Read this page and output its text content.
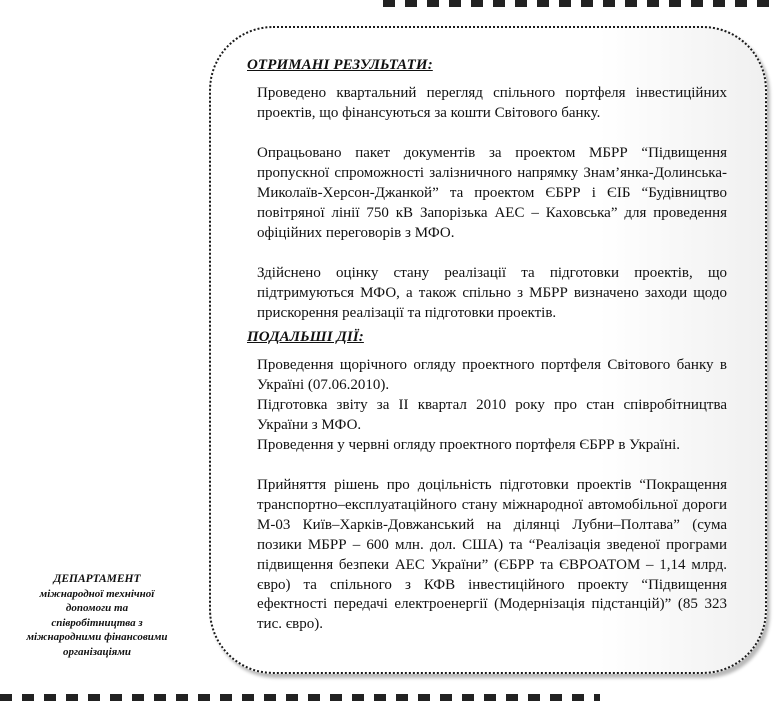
ОТРИМАНІ РЕЗУЛЬТАТИ:

Проведено квартальний перегляд спільного портфеля інвестиційних проектів, що фінансуються за кошти Світового банку.

Опрацьовано пакет документів за проектом МБРР “Підвищення пропускної спроможності залізничного напрямку Знам’янка-Долинська-Миколаїв-Херсон-Джанкой” та проектом ЄБРР і ЄІБ “Будівництво повітряної лінії 750 кВ Запорізька АЕС – Каховська” для проведення офіційних переговорів з МФО.

Здійснено оцінку стану реалізації та підготовки проектів, що підтримуються МФО, а також спільно з МБРР визначено заходи щодо прискорення реалізації та підготовки проектів.

ПОДАЛЬШІ ДІЇ:

Проведення щорічного огляду проектного портфеля Світового банку в Україні (07.06.2010).

Підготовка звіту за ІІ квартал 2010 року про стан співробітництва України з МФО.

Проведення у червні огляду проектного портфеля ЄБРР в Україні.

Прийняття рішень про доцільність підготовки проектів “Покращення транспортно–експлуатаційного стану міжнародної автомобільної дороги М-03 Київ–Харків-Довжанський на ділянці Лубни–Полтава” (сума позики МБРР – 600 млн. дол. США) та “Реалізація зведеної програми підвищення безпеки АЕС України” (ЄБРР та ЄВРОАТОМ – 1,14 млрд. євро) та спільного з КФВ інвестиційного проекту “Підвищення ефектності передачі електроенергії (Модернізація підстанцій)” (85 323 тис. євро).

ДЕПАРТАМЕНТ
міжнародної технічної
допомоги та
співробітництва з
міжнародними фінансовими
організаціями
